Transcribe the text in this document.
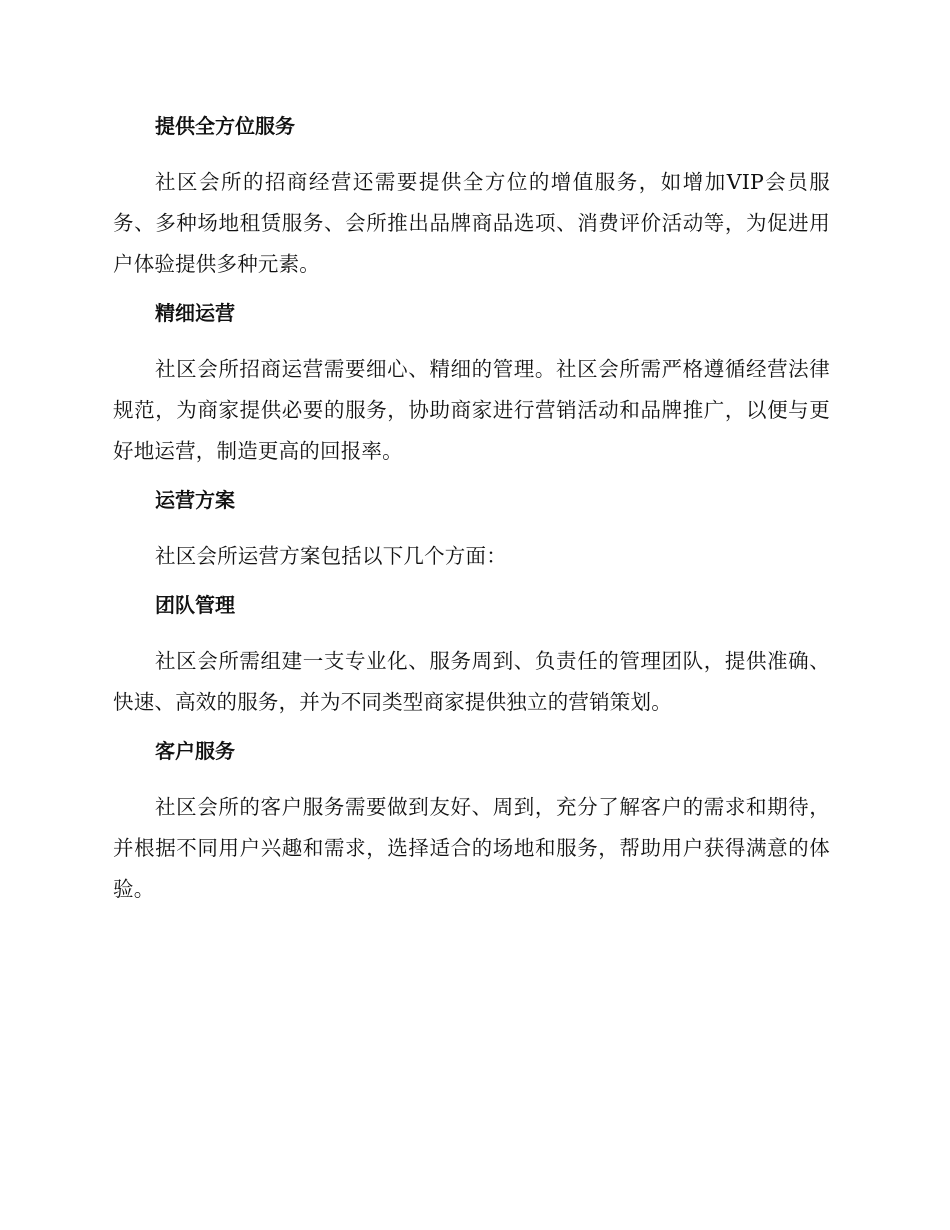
提供全方位服务

社区会所的招商经营还需要提供全方位的增值服务，如增加VIP会员服务、多种场地租赁服务、会所推出品牌商品选项、消费评价活动等，为促进用户体验提供多种元素。

精细运营

社区会所招商运营需要细心、精细的管理。社区会所需严格遵循经营法律规范，为商家提供必要的服务，协助商家进行营销活动和品牌推广，以便与更好地运营，制造更高的回报率。

运营方案

社区会所运营方案包括以下几个方面：

团队管理

社区会所需组建一支专业化、服务周到、负责任的管理团队，提供准确、快速、高效的服务，并为不同类型商家提供独立的营销策划。

客户服务

社区会所的客户服务需要做到友好、周到，充分了解客户的需求和期待，并根据不同用户兴趣和需求，选择适合的场地和服务，帮助用户获得满意的体验。
